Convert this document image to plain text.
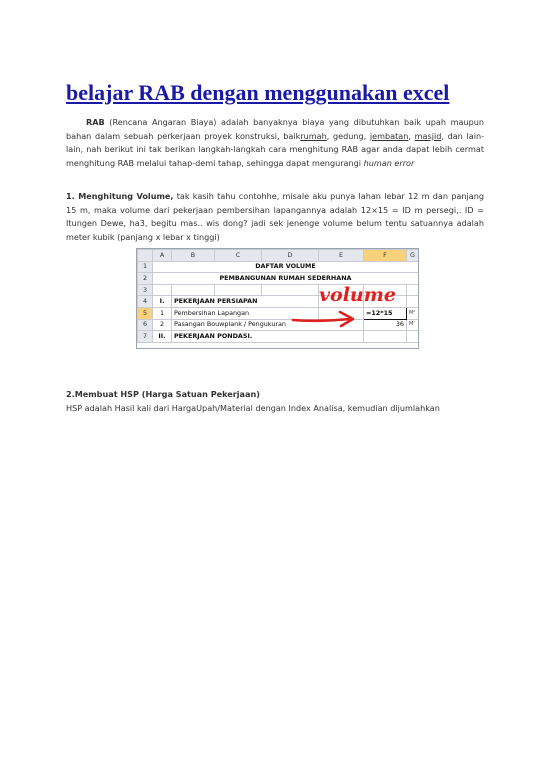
belajar RAB dengan menggunakan excel

RAB (Rencana Angaran Biaya) adalah banyaknya biaya yang dibutuhkan baik upah maupun bahan dalam sebuah perkerjaan proyek konstruksi, baikrumah, gedung, jembatan, masjid, dan lain-lain, nah berikut ini tak berikan langkah-langkah cara menghitung RAB agar anda dapat lebih cermat menghitung RAB melalui tahap-demi tahap, sehingga dapat mengurangi human error

1. Menghitung Volume, tak kasih tahu contohhe, misale aku punya lahan lebar 12 m dan panjang 15 m, maka volume dari pekerjaan pembersihan lapangannya adalah 12×15 = ID m persegi,. ID = Itungen Dewe, ha3, begitu mas.. wis dong? jadi sek jenenge volume belum tentu satuannya adalah meter kubik (panjang x lebar x tinggi)

	A	B	C	D	E	F	G
1	DAFTAR VOLUME						
2	PEMBANGUNAN RUMAH SEDERHANA						
3							
4	I.	PEKERJAAN PERSIAPAN					
5	1	Pembersihan Lapangan				=12*15	M²
6	2	Pasangan Bouwplank / Pengukuran				36	M'
7	II.	PEKERJAAN PONDASI.					
volume

2.Membuat HSP (Harga Satuan Pekerjaan)
HSP adalah Hasil kali dari HargaUpah/Material dengan Index Analisa, kemudian dijumlahkan
